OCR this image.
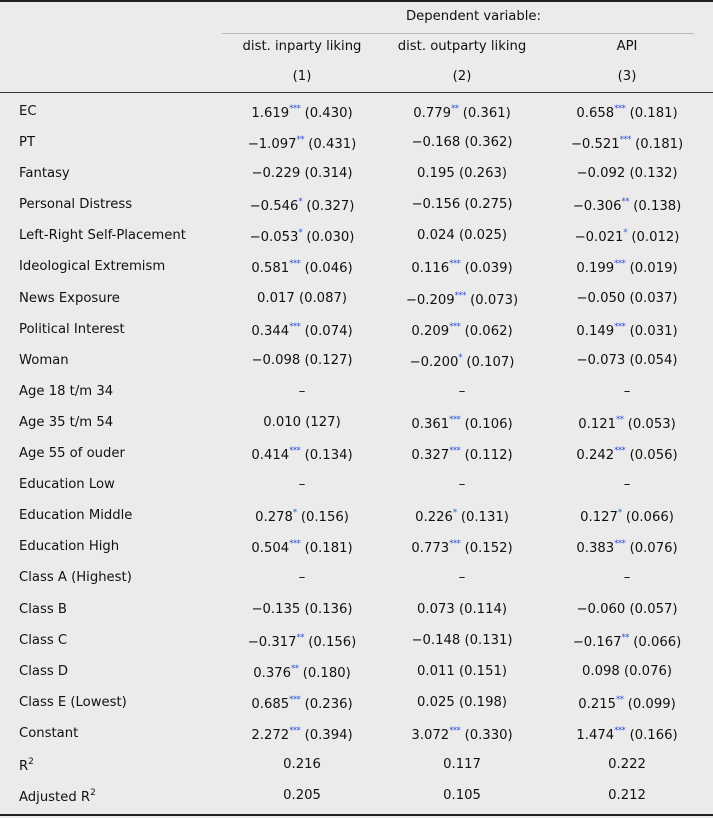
Dependent variable:
dist. inparty liking	dist. outparty liking	API
(1)	(2)	(3)
EC	1.619*** (0.430)	0.779** (0.361)	0.658*** (0.181)
PT	−1.097** (0.431)	−0.168 (0.362)	−0.521*** (0.181)
Fantasy	−0.229 (0.314)	0.195 (0.263)	−0.092 (0.132)
Personal Distress	−0.546* (0.327)	−0.156 (0.275)	−0.306** (0.138)
Left-Right Self-Placement	−0.053* (0.030)	0.024 (0.025)	−0.021* (0.012)
Ideological Extremism	0.581*** (0.046)	0.116*** (0.039)	0.199*** (0.019)
News Exposure	0.017 (0.087)	−0.209*** (0.073)	−0.050 (0.037)
Political Interest	0.344*** (0.074)	0.209*** (0.062)	0.149*** (0.031)
Woman	−0.098 (0.127)	−0.200* (0.107)	−0.073 (0.054)
Age 18 t/m 34	–	–	–
Age 35 t/m 54	0.010 (127)	0.361*** (0.106)	0.121** (0.053)
Age 55 of ouder	0.414*** (0.134)	0.327*** (0.112)	0.242*** (0.056)
Education Low	–	–	–
Education Middle	0.278* (0.156)	0.226* (0.131)	0.127* (0.066)
Education High	0.504*** (0.181)	0.773*** (0.152)	0.383*** (0.076)
Class A (Highest)	–	–	–
Class B	−0.135 (0.136)	0.073 (0.114)	−0.060 (0.057)
Class C	−0.317** (0.156)	−0.148 (0.131)	−0.167** (0.066)
Class D	0.376** (0.180)	0.011 (0.151)	0.098 (0.076)
Class E (Lowest)	0.685*** (0.236)	0.025 (0.198)	0.215** (0.099)
Constant	2.272*** (0.394)	3.072*** (0.330)	1.474*** (0.166)
$R^2$	0.216	0.117	0.222
Adjusted $R^2$	0.205	0.105	0.212
